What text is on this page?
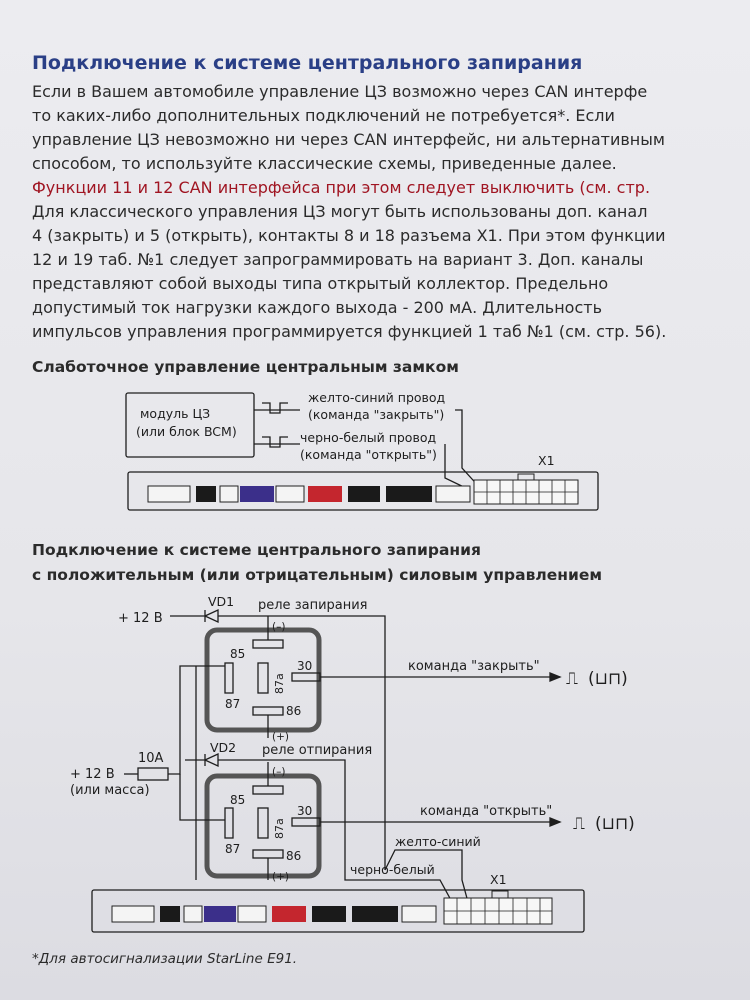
Подключение к системе центрального запирания
Если в Вашем автомобиле управление ЦЗ возможно через CAN интерфе
то каких-либо дополнительных подключений не потребуется*. Если
управление ЦЗ невозможно ни через CAN интерфейс, ни альтернативным
способом, то используйте классические схемы, приведенные далее.
Функции 11 и 12 CAN интерфейса при этом следует выключить (см. стр.
Для классического управления ЦЗ могут быть использованы доп. канал
4 (закрыть) и 5 (открыть), контакты 8 и 18 разъема X1. При этом функции
12 и 19 таб. №1 следует запрограммировать на вариант 3. Доп. каналы
представляют собой выходы типа открытый коллектор. Предельно
допустимый ток нагрузки каждого выхода - 200 мА. Длительность
импульсов управления программируется функцией 1 таб №1 (см. стр. 56).
Слаботочное управление центральным замком
модуль ЦЗ
(или блок BCM)
желто-синий провод
(команда "закрыть")
черно-белый провод
(команда "открыть")	X1
Подключение к системе центрального запирания
с положительным (или отрицательным) силовым управлением
+ 12 В
+ 12 В
(или масса)
10А
VD1
VD2
реле запирания
реле отпирания
(–)
(–)
(+)
(+)
85
85
87
87
86
86
30
30
87a
87a
команда "закрыть"
команда "открыть"
⎍ (⊔⊓)
⎍ (⊔⊓)
желто-синий
черно-белый
X1
*Для автосигнализации StarLine E91.
